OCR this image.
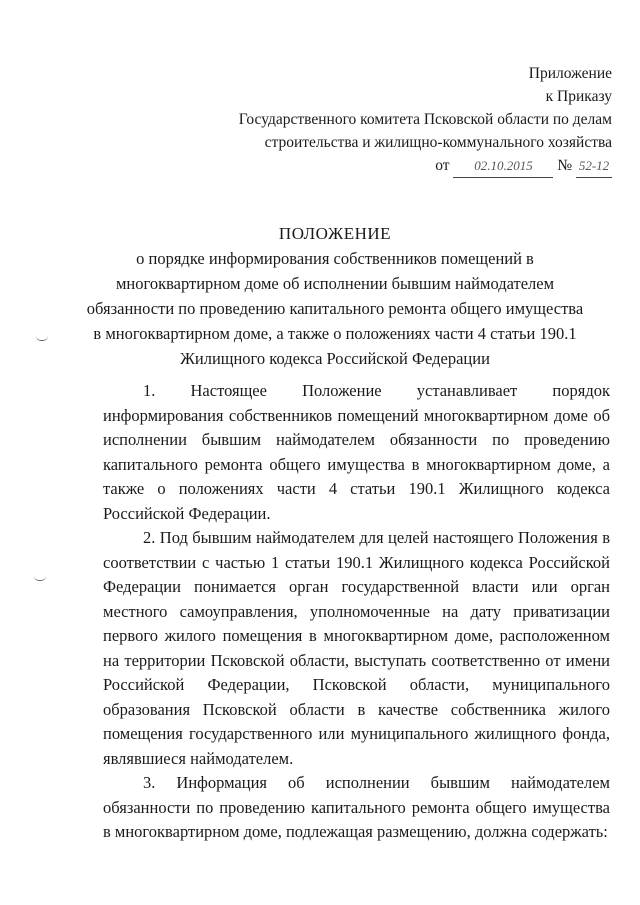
Приложение
к Приказу
Государственного комитета Псковской области по делам
строительства и жилищно-коммунального хозяйства
от 02.10.2015 № 52-12
ПОЛОЖЕНИЕ
о порядке информирования собственников помещений в многоквартирном доме об исполнении бывшим наймодателем обязанности по проведению капитального ремонта общего имущества в многоквартирном доме, а также о положениях части 4 статьи 190.1 Жилищного кодекса Российской Федерации

1. Настоящее Положение устанавливает порядок информирования собственников помещений многоквартирном доме об исполнении бывшим наймодателем обязанности по проведению капитального ремонта общего имущества в многоквартирном доме, а также о положениях части 4 статьи 190.1 Жилищного кодекса Российской Федерации.

2. Под бывшим наймодателем для целей настоящего Положения в соответствии с частью 1 статьи 190.1 Жилищного кодекса Российской Федерации понимается орган государственной власти или орган местного самоуправления, уполномоченные на дату приватизации первого жилого помещения в многоквартирном доме, расположенном на территории Псковской области, выступать соответственно от имени Российской Федерации, Псковской области, муниципального образования Псковской области в качестве собственника жилого помещения государственного или муниципального жилищного фонда, являвшиеся наймодателем.

3. Информация об исполнении бывшим наймодателем обязанности по проведению капитального ремонта общего имущества в многоквартирном доме, подлежащая размещению, должна содержать:
